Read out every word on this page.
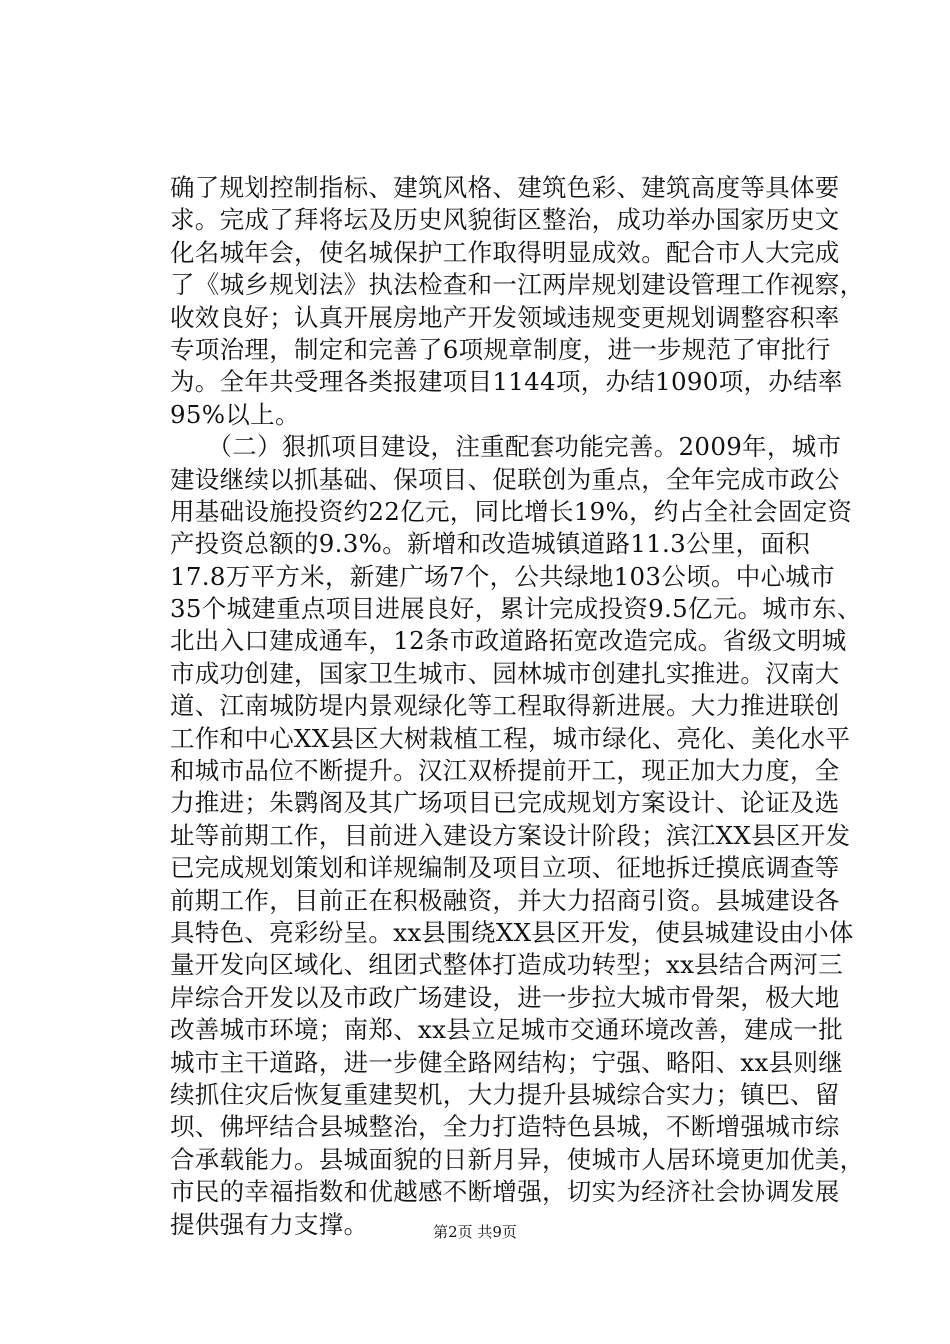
确了规划控制指标、建筑风格、建筑色彩、建筑高度等具体要
求。完成了拜将坛及历史风貌街区整治，成功举办国家历史文
化名城年会，使名城保护工作取得明显成效。配合市人大完成
了《城乡规划法》执法检查和一江两岸规划建设管理工作视察，
收效良好；认真开展房地产开发领域违规变更规划调整容积率
专项治理，制定和完善了6项规章制度，进一步规范了审批行
为。全年共受理各类报建项目1144项，办结1090项，办结率
95%以上。
　　（二）狠抓项目建设，注重配套功能完善。2009年，城市
建设继续以抓基础、保项目、促联创为重点，全年完成市政公
用基础设施投资约22亿元，同比增长19%，约占全社会固定资
产投资总额的9.3%。新增和改造城镇道路11.3公里，面积
17.8万平方米，新建广场7个，公共绿地103公顷。中心城市
35个城建重点项目进展良好，累计完成投资9.5亿元。城市东、
北出入口建成通车，12条市政道路拓宽改造完成。省级文明城
市成功创建，国家卫生城市、园林城市创建扎实推进。汉南大
道、江南城防堤内景观绿化等工程取得新进展。大力推进联创
工作和中心XX县区大树栽植工程，城市绿化、亮化、美化水平
和城市品位不断提升。汉江双桥提前开工，现正加大力度，全
力推进；朱鹮阁及其广场项目已完成规划方案设计、论证及选
址等前期工作，目前进入建设方案设计阶段；滨江XX县区开发
已完成规划策划和详规编制及项目立项、征地拆迁摸底调查等
前期工作，目前正在积极融资，并大力招商引资。县城建设各
具特色、亮彩纷呈。xx县围绕XX县区开发，使县城建设由小体
量开发向区域化、组团式整体打造成功转型；xx县结合两河三
岸综合开发以及市政广场建设，进一步拉大城市骨架，极大地
改善城市环境；南郑、xx县立足城市交通环境改善，建成一批
城市主干道路，进一步健全路网结构；宁强、略阳、xx县则继
续抓住灾后恢复重建契机，大力提升县城综合实力；镇巴、留
坝、佛坪结合县城整治，全力打造特色县城，不断增强城市综
合承载能力。县城面貌的日新月异，使城市人居环境更加优美，
市民的幸福指数和优越感不断增强，切实为经济社会协调发展
提供强有力支撑。	第2页 共9页
